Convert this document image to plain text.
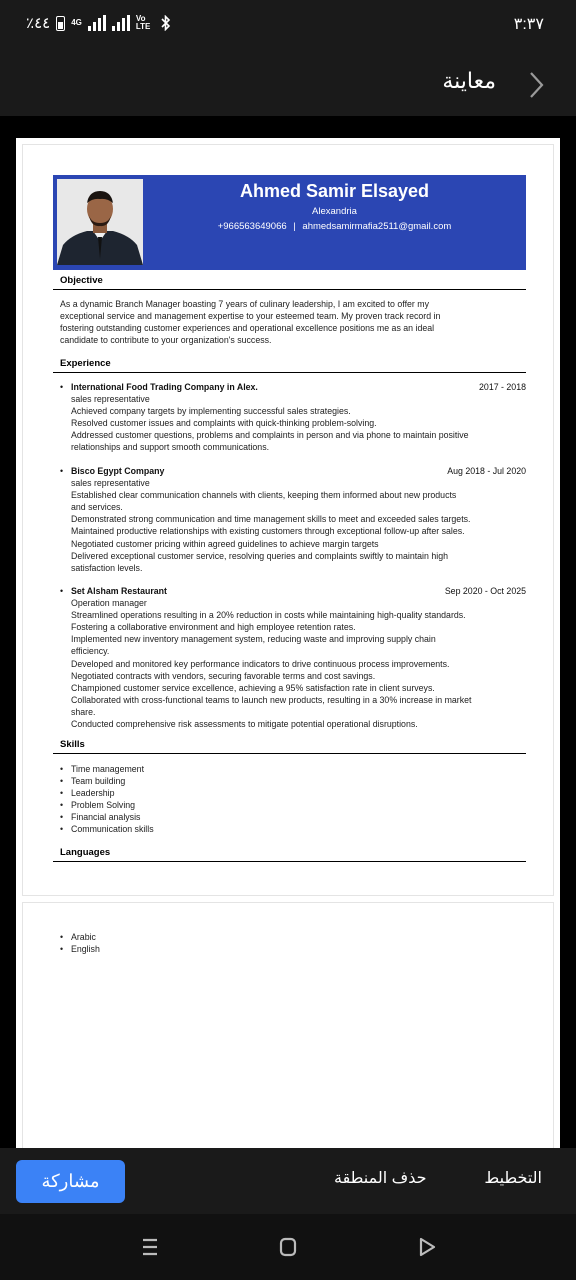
٪٤٤	4G	Vo LTE	٣:٣٧
معاينة
Ahmed Samir Elsayed
Alexandria
+966563649066 | ahmedsamirmafia2511@gmail.com
Objective
As a dynamic Branch Manager boasting 7 years of culinary leadership, I am excited to offer my
exceptional service and management expertise to your esteemed team. My proven track record in
fostering outstanding customer experiences and operational excellence positions me as an ideal
candidate to contribute to your organization's success.
Experience
• International Food Trading Company in Alex.	2017 - 2018
sales representative
Achieved company targets by implementing successful sales strategies.
Resolved customer issues and complaints with quick-thinking problem-solving.
Addressed customer questions, problems and complaints in person and via phone to maintain positive
relationships and support smooth communications.
• Bisco Egypt Company	Aug 2018 - Jul 2020
sales representative
Established clear communication channels with clients, keeping them informed about new products
and services.
Demonstrated strong communication and time management skills to meet and exceeded sales targets.
Maintained productive relationships with existing customers through exceptional follow-up after sales.
Negotiated customer pricing within agreed guidelines to achieve margin targets
Delivered exceptional customer service, resolving queries and complaints swiftly to maintain high
satisfaction levels.
• Set Alsham Restaurant	Sep 2020 - Oct 2025
Operation manager
Streamlined operations resulting in a 20% reduction in costs while maintaining high-quality standards.
Fostering a collaborative environment and high employee retention rates.
Implemented new inventory management system, reducing waste and improving supply chain
efficiency.
Developed and monitored key performance indicators to drive continuous process improvements.
Negotiated contracts with vendors, securing favorable terms and cost savings.
Championed customer service excellence, achieving a 95% satisfaction rate in client surveys.
Collaborated with cross-functional teams to launch new products, resulting in a 30% increase in market
share.
Conducted comprehensive risk assessments to mitigate potential operational disruptions.
Skills
• Time management
• Team building
• Leadership
• Problem Solving
• Financial analysis
• Communication skills
Languages
• Arabic
• English
مشاركة	حذف المنطقة	التخطيط
